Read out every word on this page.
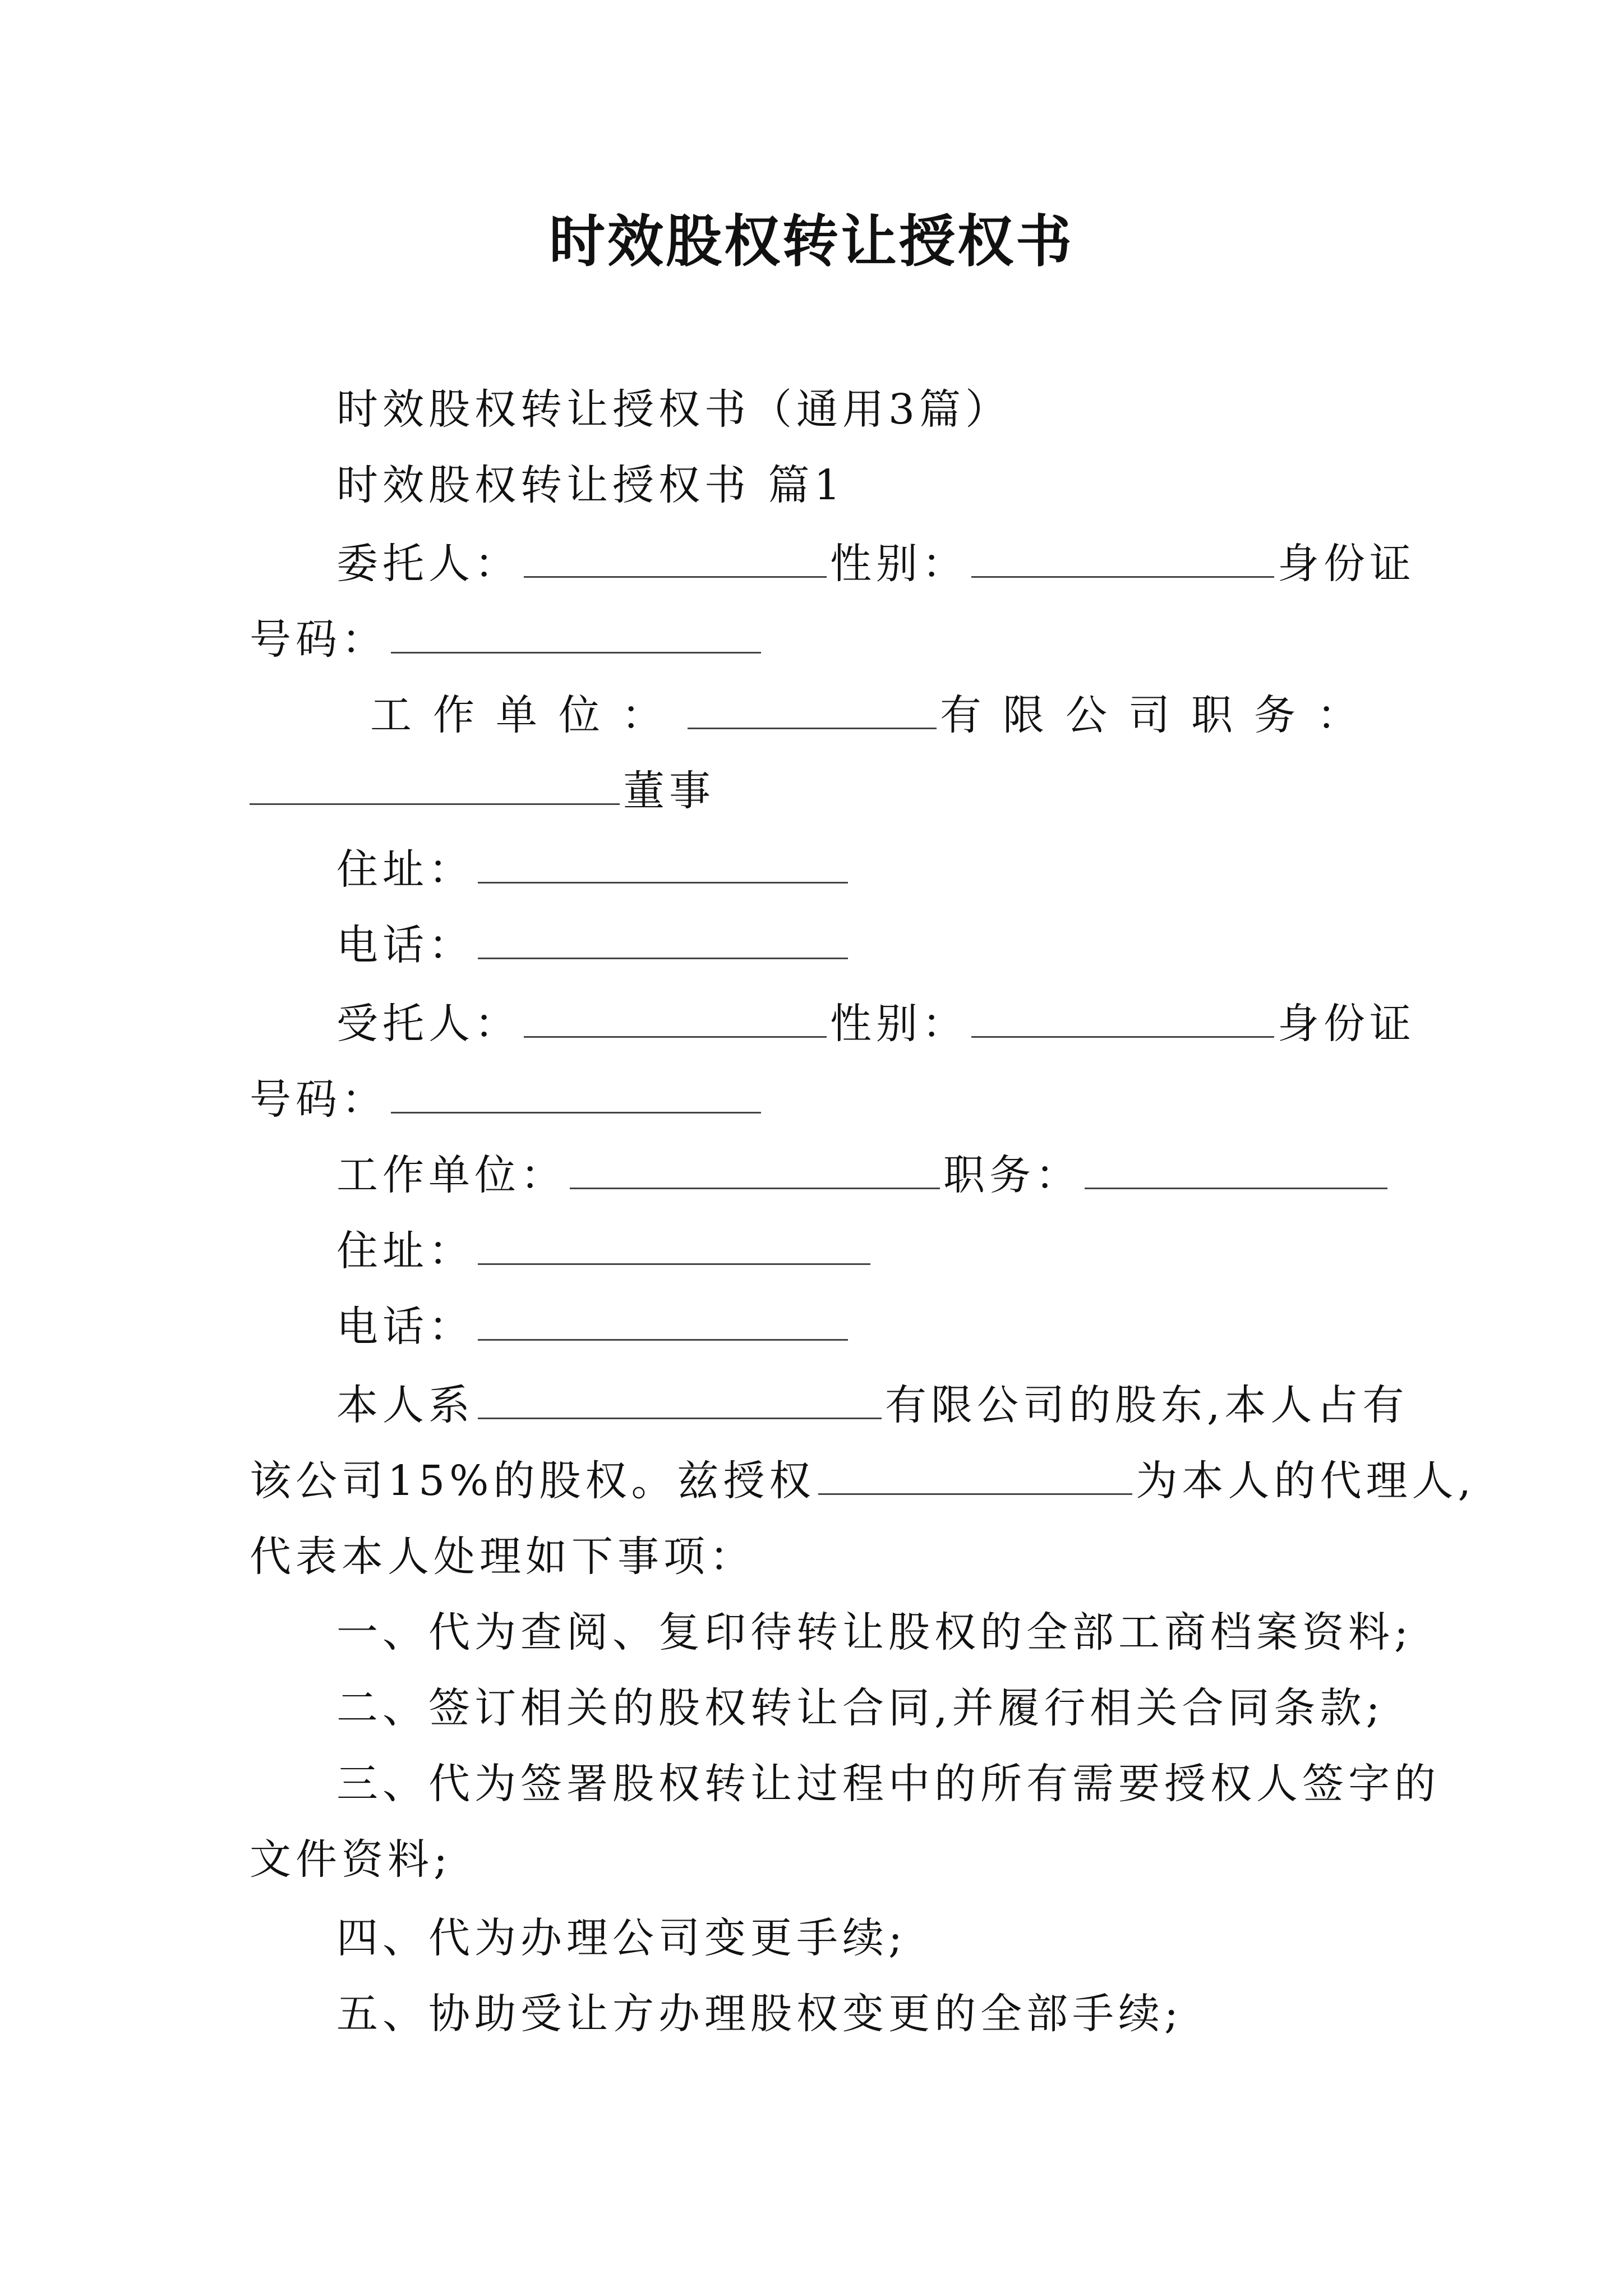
时效股权转让授权书
时效股权转让授权书（通用3篇）
时效股权转让授权书 篇1
委托人：	性别：	身份证
号码：
工作单位：	有限公司职务：
董事
住址：
电话：
受托人：	性别：	身份证
号码：
工作单位：	职务：
住址：
电话：
本人系	有限公司的股东,本人占有
该公司15%的股权。兹授权	为本人的代理人,
代表本人处理如下事项：
一、代为查阅、复印待转让股权的全部工商档案资料;
二、签订相关的股权转让合同,并履行相关合同条款;
三、代为签署股权转让过程中的所有需要授权人签字的
文件资料;
四、代为办理公司变更手续;
五、协助受让方办理股权变更的全部手续;
